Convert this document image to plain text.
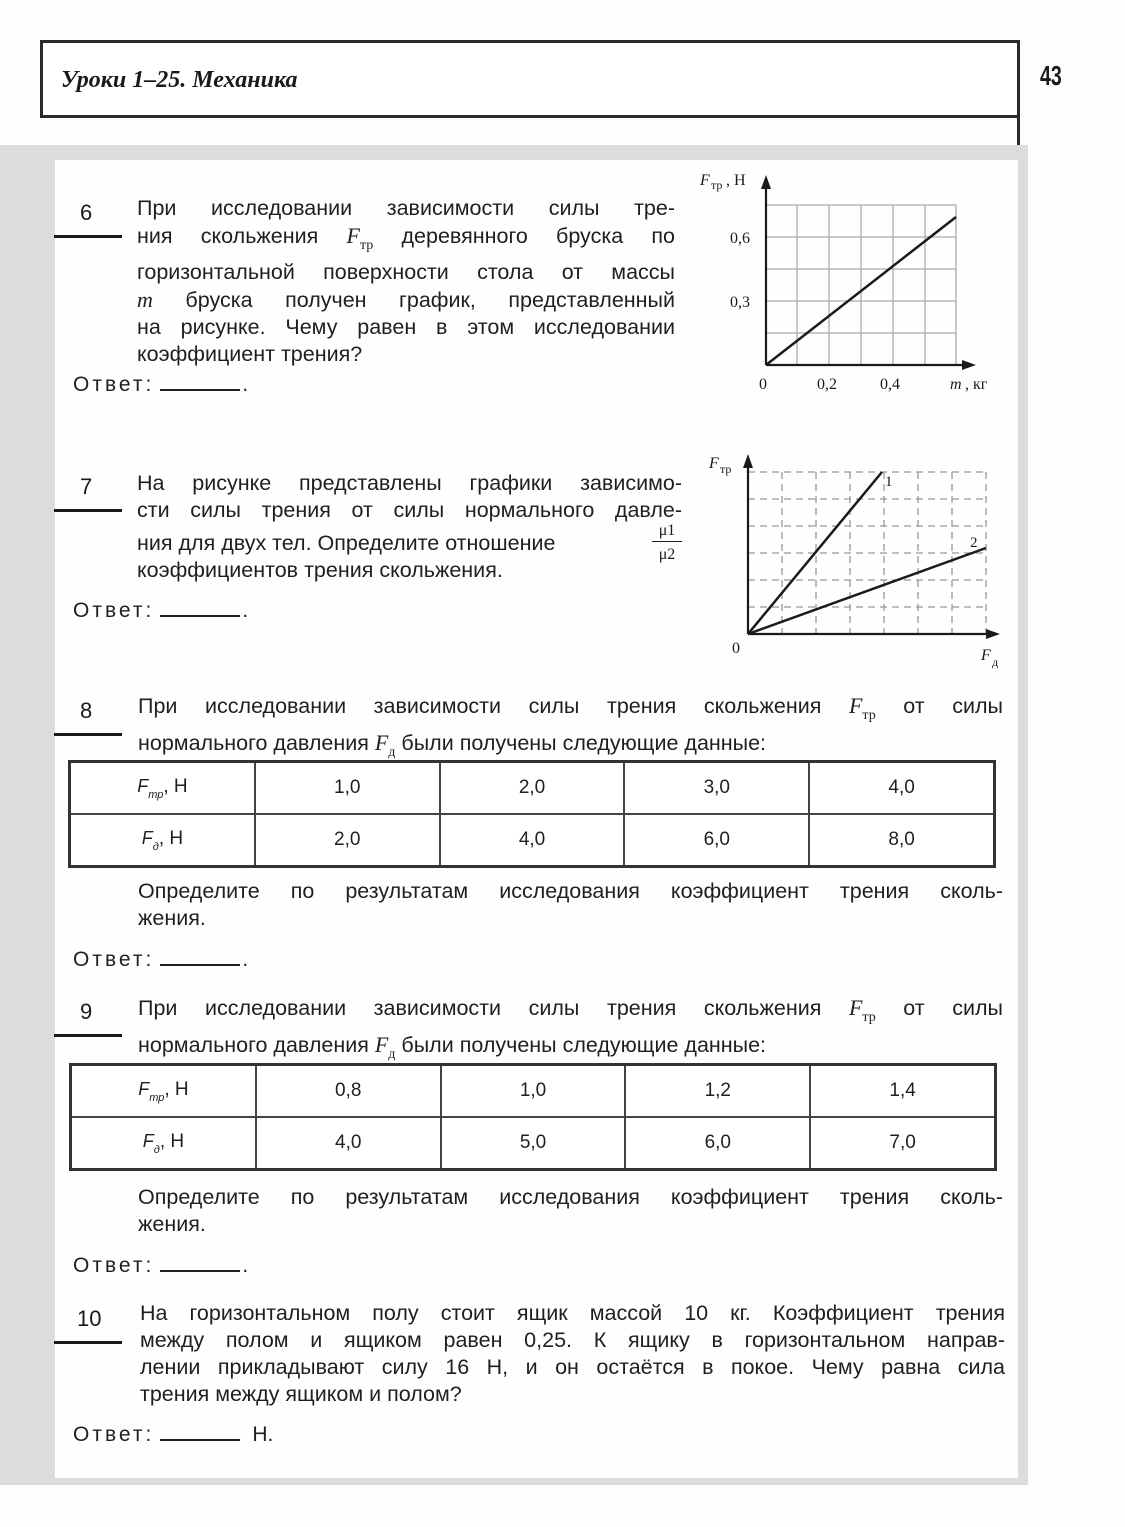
Уроки 1–25. Механика	43
6 При исследовании зависимости силы тре-
ния скольжения $F_{тр}$ деревянного бруска по
горизонтальной поверхности стола от массы
m бруска получен график, представленный
на рисунке. Чему равен в этом исследовании
коэффициент трения?
Ответ:	.
F тр , Н
0,6
0,3
0	0,2	0,4	m , кг
7 На рисунке представлены графики зависимо-
сти силы трения от силы нормального давле-
ния для двух тел. Определите отношение
коэффициентов трения скольжения.
$\frac{\mu 1}{\mu 2}$
Ответ:	.
F тр
1
2
0	F д
8 При исследовании зависимости силы трения скольжения $F_{тр}$ от силы
нормального давления $F_д$ были получены следующие данные:
$F_{тр}$, Н	1,0	2,0	3,0	4,0
$F_д$, Н	2,0	4,0	6,0	8,0
Определите по результатам исследования коэффициент трения сколь-
жения.
Ответ:	.
9 При исследовании зависимости силы трения скольжения $F_{тр}$ от силы
нормального давления $F_д$ были получены следующие данные:
$F_{тр}$, Н	0,8	1,0	1,2	1,4
$F_д$, Н	4,0	5,0	6,0	7,0
Определите по результатам исследования коэффициент трения сколь-
жения.
Ответ:	.
10 На горизонтальном полу стоит ящик массой 10 кг. Коэффициент трения
между полом и ящиком равен 0,25. К ящику в горизонтальном направ-
лении прикладывают силу 16 Н, и он остаётся в покое. Чему равна сила
трения между ящиком и полом?
Ответ:	Н.
